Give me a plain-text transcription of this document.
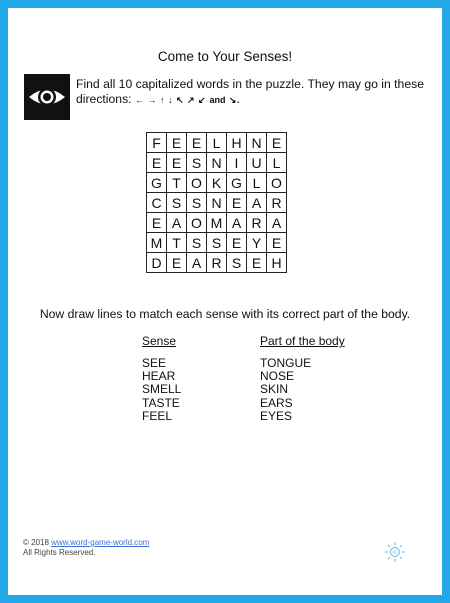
Come to Your Senses!
Find all 10 capitalized words in the puzzle. They may go in these
directions: ← → ↑ ↓ ↖ ↗ ↙ and ↘.
F	E	E	L	H	N	E
E	E	S	N	I	U	L
G	T	O	K	G	L	O
C	S	S	N	E	A	R
E	A	O	M	A	R	A
M	T	S	S	E	Y	E
D	E	A	R	S	E	H
Now draw lines to match each sense with its correct part of the body.
Sense
SEE
HEAR
SMELL
TASTE
FEEL
Part of the body
TONGUE
NOSE
SKIN
EARS
EYES
© 2018 www.word-game-world.com
All Rights Reserved.
